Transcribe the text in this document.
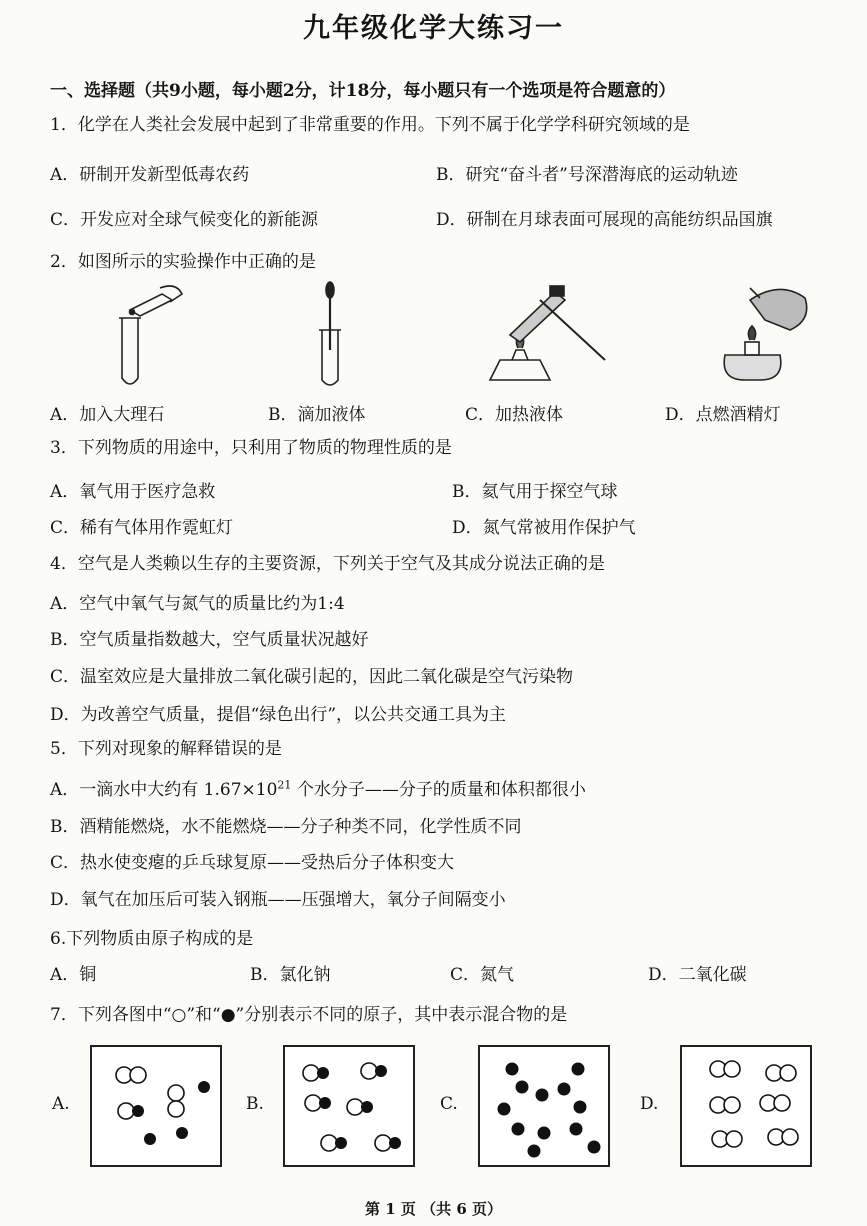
九年级化学大练习一
一、选择题（共9小题，每小题2分，计18分，每小题只有一个选项是符合题意的）
1．化学在人类社会发展中起到了非常重要的作用。下列不属于化学学科研究领域的是
A．研制开发新型低毒农药	B．研究“奋斗者”号深潜海底的运动轨迹
C．开发应对全球气候变化的新能源	D．研制在月球表面可展现的高能纺织品国旗
2．如图所示的实验操作中正确的是
A．加入大理石	B．滴加液体	C．加热液体	D．点燃酒精灯
3．下列物质的用途中，只利用了物质的物理性质的是
A．氧气用于医疗急救	B．氦气用于探空气球
C．稀有气体用作霓虹灯	D．氮气常被用作保护气
4．空气是人类赖以生存的主要资源，下列关于空气及其成分说法正确的是
A．空气中氧气与氮气的质量比约为1:4
B．空气质量指数越大，空气质量状况越好
C．温室效应是大量排放二氧化碳引起的，因此二氧化碳是空气污染物
D．为改善空气质量，提倡“绿色出行”，以公共交通工具为主
5．下列对现象的解释错误的是
A．一滴水中大约有 $1.67\times 10^{21}$ 个水分子——分子的质量和体积都很小
B．酒精能燃烧，水不能燃烧——分子种类不同，化学性质不同
C．热水使变瘪的乒乓球复原——受热后分子体积变大
D．氧气在加压后可装入钢瓶——压强增大，氧分子间隔变小
6.下列物质由原子构成的是
A．铜	B．氯化钠	C．氮气	D．二氧化碳
7．下列各图中“○”和“●”分别表示不同的原子，其中表示混合物的是
A.	B.	C.	D.
第 1 页 （共 6 页）
